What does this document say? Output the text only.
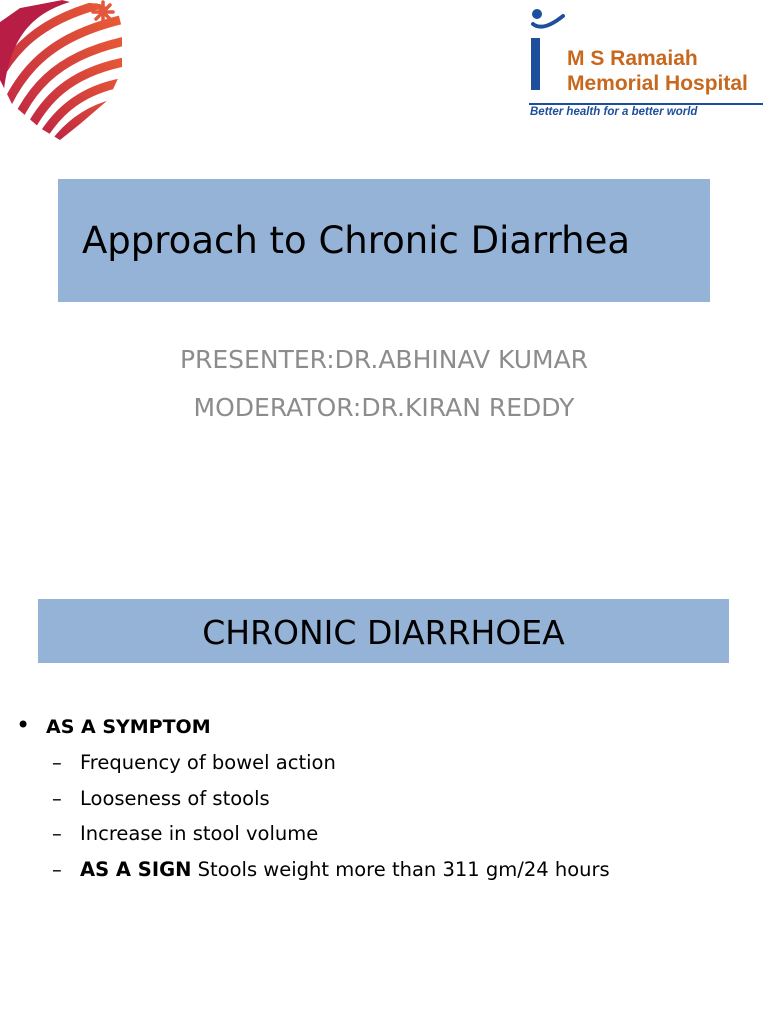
M S Ramaiah
Memorial Hospital
Better health for a better world
Approach to Chronic Diarrhea
PRESENTER:DR.ABHINAV KUMAR
MODERATOR:DR.KIRAN REDDY
CHRONIC DIARRHOEA
• AS A SYMPTOM
– Frequency of bowel action
– Looseness of stools
– Increase in stool volume
– AS A SIGN Stools weight more than 311 gm/24 hours
